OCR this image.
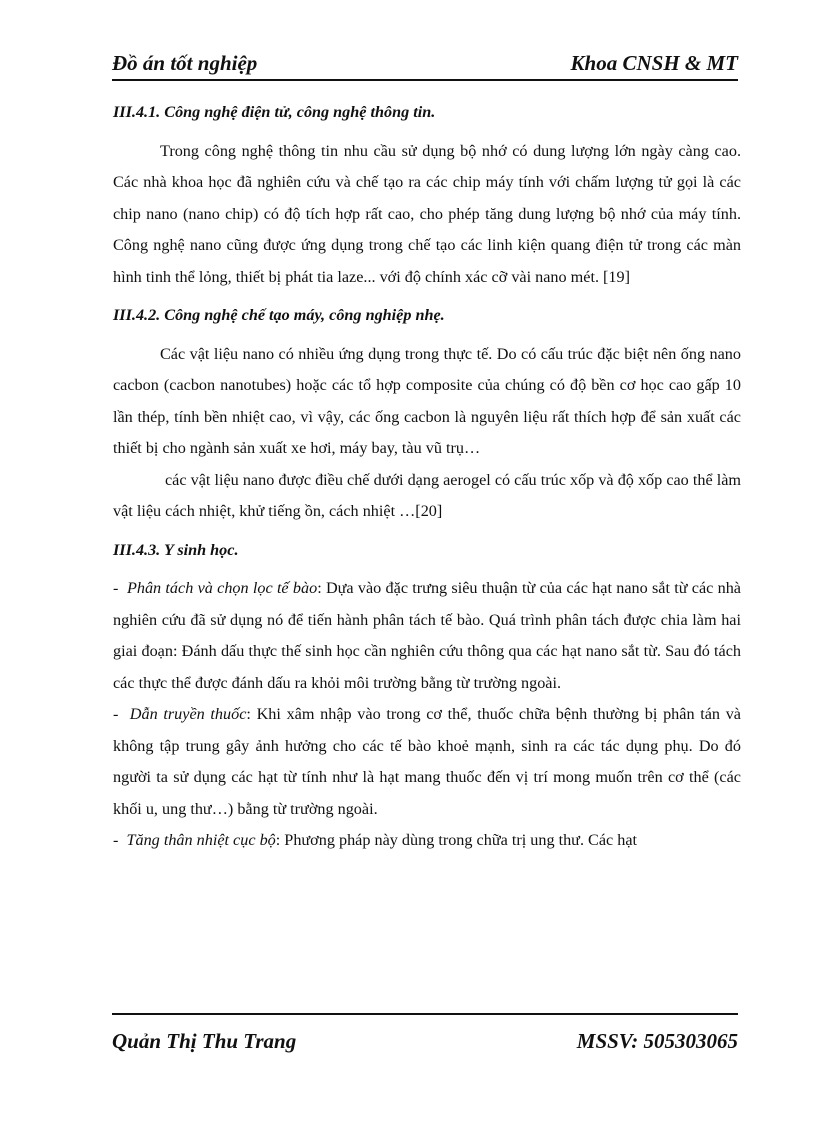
Đồ án tốt nghiệp	Khoa CNSH & MT

III.4.1. Công nghệ điện tử, công nghệ thông tin.

Trong công nghệ thông tin nhu cầu sử dụng bộ nhớ có dung lượng lớn ngày càng cao. Các nhà khoa học đã nghiên cứu và chế tạo ra các chip máy tính với chấm lượng tử gọi là các chip nano (nano chip) có độ tích hợp rất cao, cho phép tăng dung lượng bộ nhớ của máy tính. Công nghệ nano cũng được ứng dụng trong chế tạo các linh kiện quang điện tử trong các màn hình tinh thể lỏng, thiết bị phát tia laze... với độ chính xác cỡ vài nano mét. [19]

III.4.2. Công nghệ chế tạo máy, công nghiệp nhẹ.

Các vật liệu nano có nhiều ứng dụng trong thực tế. Do có cấu trúc đặc biệt nên ống nano cacbon (cacbon nanotubes) hoặc các tổ hợp composite của chúng có độ bền cơ học cao gấp 10 lần thép, tính bền nhiệt cao, vì vậy, các ống cacbon là nguyên liệu rất thích hợp để sản xuất các thiết bị cho ngành sản xuất xe hơi, máy bay, tàu vũ trụ…

các vật liệu nano được điều chế dưới dạng aerogel có cấu trúc xốp và độ xốp cao thể làm vật liệu cách nhiệt, khử tiếng ồn, cách nhiệt …[20]

III.4.3. Y sinh học.

- Phân tách và chọn lọc tế bào: Dựa vào đặc trưng siêu thuận từ của các hạt nano sắt từ các nhà nghiên cứu đã sử dụng nó để tiến hành phân tách tế bào. Quá trình phân tách được chia làm hai giai đoạn: Đánh dấu thực thế sinh học cần nghiên cứu thông qua các hạt nano sắt từ. Sau đó tách các thực thể được đánh dấu ra khỏi môi trường bằng từ trường ngoài.

- Dẫn truyền thuốc: Khi xâm nhập vào trong cơ thể, thuốc chữa bệnh thường bị phân tán và không tập trung gây ảnh hưởng cho các tế bào khoẻ mạnh, sinh ra các tác dụng phụ. Do đó người ta sử dụng các hạt từ tính như là hạt mang thuốc đến vị trí mong muốn trên cơ thể (các khối u, ung thư…) bằng từ trường ngoài.

- Tăng thân nhiệt cục bộ: Phương pháp này dùng trong chữa trị ung thư. Các hạt

Quản Thị Thu Trang	MSSV: 505303065
